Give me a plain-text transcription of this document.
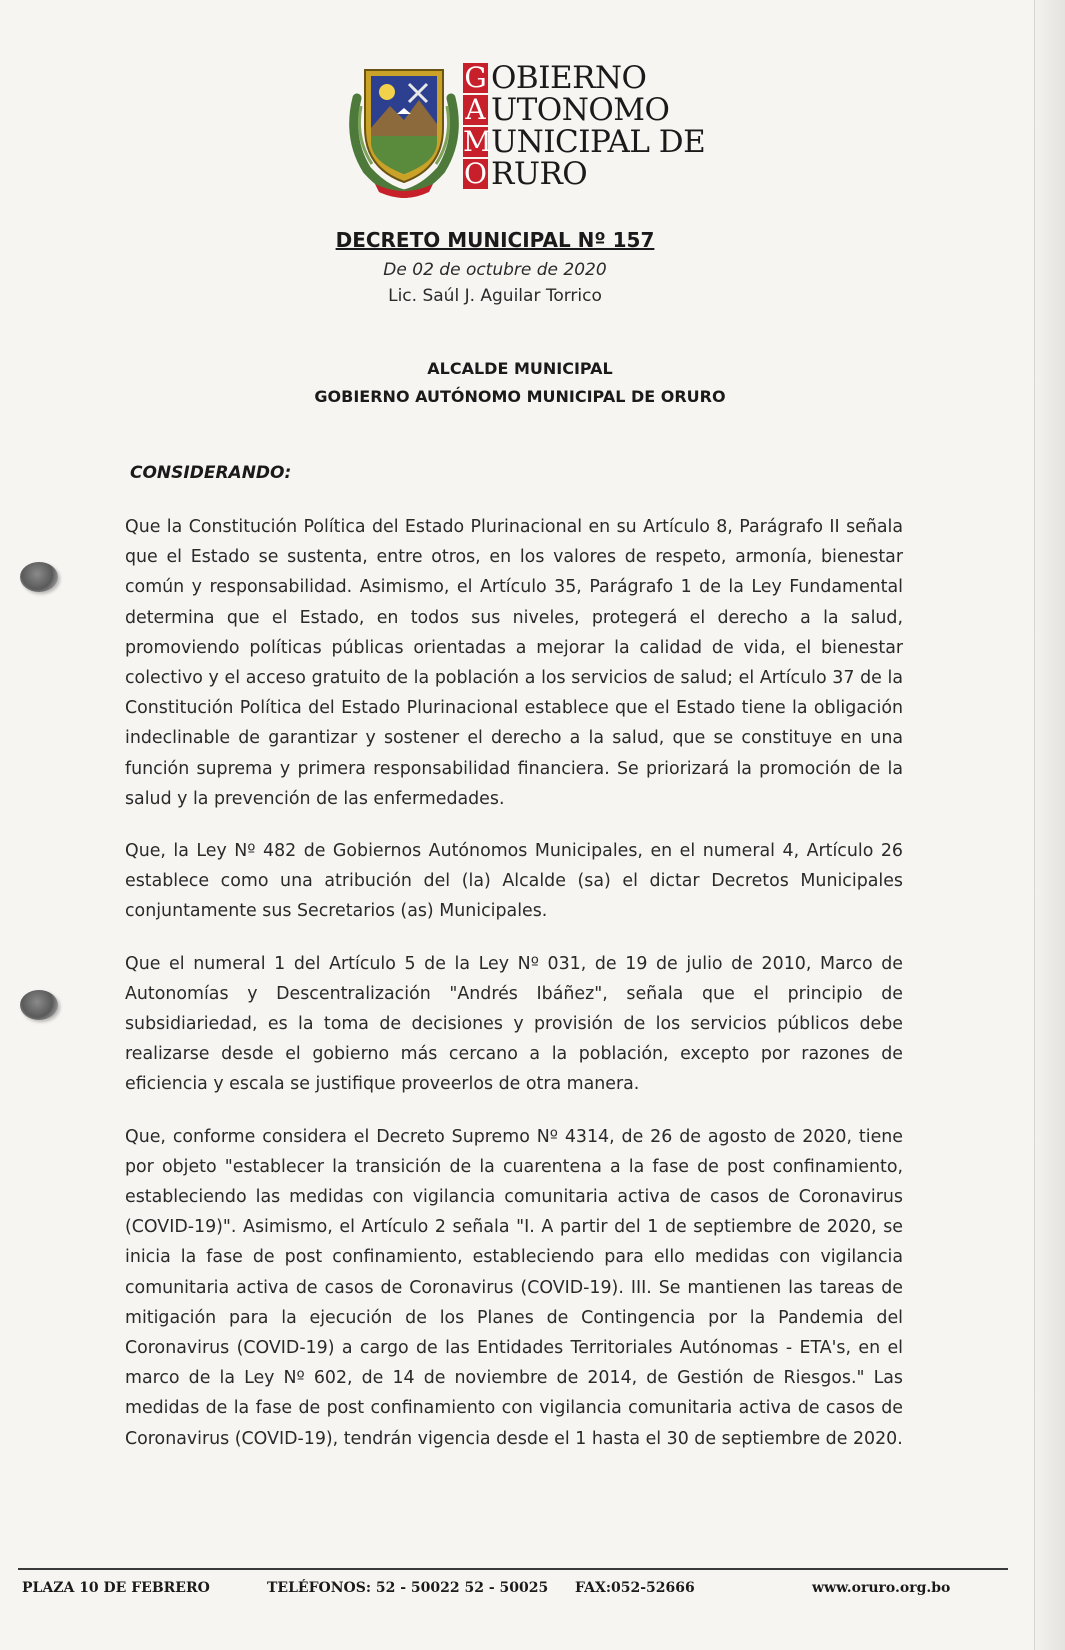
G OBIERNO
A UTONOMO
M UNICIPAL DE
O RURO
DECRETO MUNICIPAL Nº 157
De 02 de octubre de 2020
Lic. Saúl J. Aguilar Torrico
ALCALDE MUNICIPAL
GOBIERNO AUTÓNOMO MUNICIPAL DE ORURO
CONSIDERANDO:

Que la Constitución Política del Estado Plurinacional en su Artículo 8, Parágrafo II señala que el Estado se sustenta, entre otros, en los valores de respeto, armonía, bienestar común y responsabilidad. Asimismo, el Artículo 35, Parágrafo 1 de la Ley Fundamental determina que el Estado, en todos sus niveles, protegerá el derecho a la salud, promoviendo políticas públicas orientadas a mejorar la calidad de vida, el bienestar colectivo y el acceso gratuito de la población a los servicios de salud; el Artículo 37 de la Constitución Política del Estado Plurinacional establece que el Estado tiene la obligación indeclinable de garantizar y sostener el derecho a la salud, que se constituye en una función suprema y primera responsabilidad financiera. Se priorizará la promoción de la salud y la prevención de las enfermedades.

Que, la Ley Nº 482 de Gobiernos Autónomos Municipales, en el numeral 4, Artículo 26 establece como una atribución del (la) Alcalde (sa) el dictar Decretos Municipales conjuntamente sus Secretarios (as) Municipales.

Que el numeral 1 del Artículo 5 de la Ley Nº 031, de 19 de julio de 2010, Marco de Autonomías y Descentralización "Andrés Ibáñez", señala que el principio de subsidiariedad, es la toma de decisiones y provisión de los servicios públicos debe realizarse desde el gobierno más cercano a la población, excepto por razones de eficiencia y escala se justifique proveerlos de otra manera.

Que, conforme considera el Decreto Supremo Nº 4314, de 26 de agosto de 2020, tiene por objeto "establecer la transición de la cuarentena a la fase de post confinamiento, estableciendo las medidas con vigilancia comunitaria activa de casos de Coronavirus (COVID-19)". Asimismo, el Artículo 2 señala "I. A partir del 1 de septiembre de 2020, se inicia la fase de post confinamiento, estableciendo para ello medidas con vigilancia comunitaria activa de casos de Coronavirus (COVID-19). III. Se mantienen las tareas de mitigación para la ejecución de los Planes de Contingencia por la Pandemia del Coronavirus (COVID-19) a cargo de las Entidades Territoriales Autónomas - ETA's, en el marco de la Ley Nº 602, de 14 de noviembre de 2014, de Gestión de Riesgos." Las medidas de la fase de post confinamiento con vigilancia comunitaria activa de casos de Coronavirus (COVID-19), tendrán vigencia desde el 1 hasta el 30 de septiembre de 2020.

PLAZA 10 DE FEBRERO	TELÉFONOS: 52 - 50022 52 - 50025 FAX:052-52666	www.oruro.org.bo
